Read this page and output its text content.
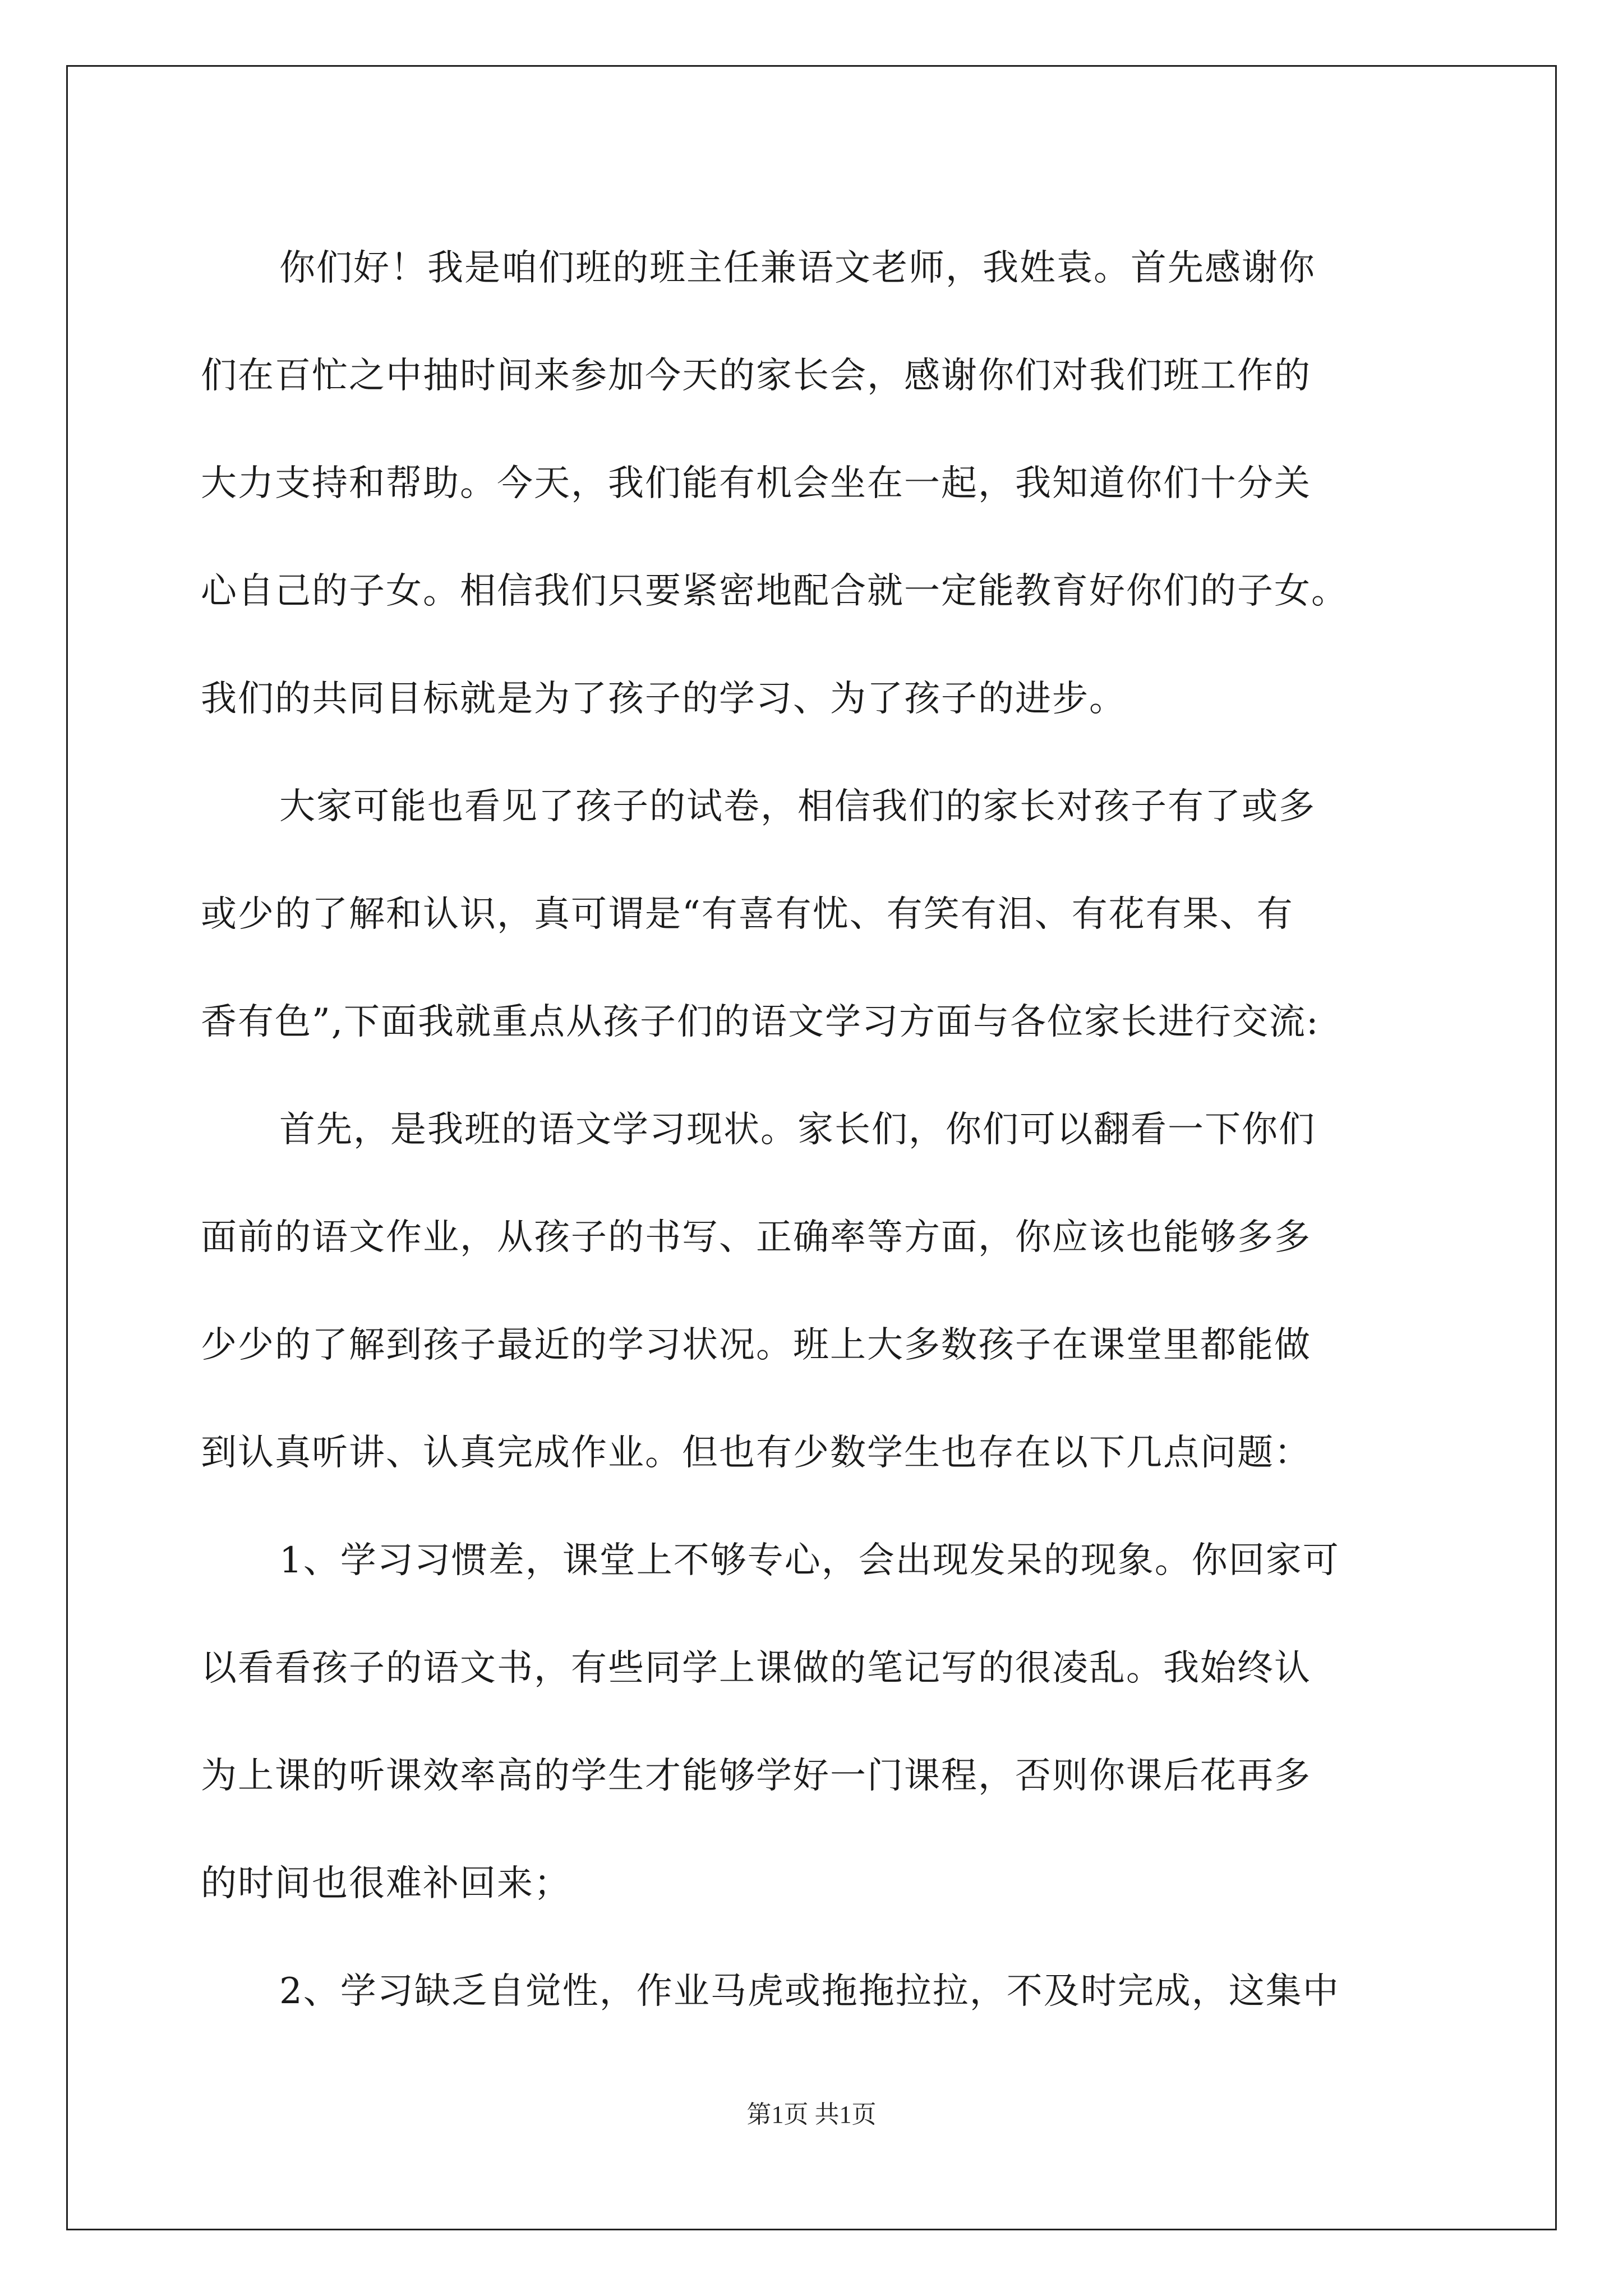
你们好！我是咱们班的班主任兼语文老师，我姓袁。首先感谢你
们在百忙之中抽时间来参加今天的家长会，感谢你们对我们班工作的
大力支持和帮助。今天，我们能有机会坐在一起，我知道你们十分关
心自己的子女。相信我们只要紧密地配合就一定能教育好你们的子女。
我们的共同目标就是为了孩子的学习、为了孩子的进步。
大家可能也看见了孩子的试卷，相信我们的家长对孩子有了或多
或少的了解和认识，真可谓是“有喜有忧、有笑有泪、有花有果、有
香有色”,下面我就重点从孩子们的语文学习方面与各位家长进行交流:
首先，是我班的语文学习现状。家长们，你们可以翻看一下你们
面前的语文作业，从孩子的书写、正确率等方面，你应该也能够多多
少少的了解到孩子最近的学习状况。班上大多数孩子在课堂里都能做
到认真听讲、认真完成作业。但也有少数学生也存在以下几点问题：
1、学习习惯差，课堂上不够专心，会出现发呆的现象。你回家可
以看看孩子的语文书，有些同学上课做的笔记写的很凌乱。我始终认
为上课的听课效率高的学生才能够学好一门课程，否则你课后花再多
的时间也很难补回来；
2、学习缺乏自觉性，作业马虎或拖拖拉拉，不及时完成，这集中
第1页 共1页
